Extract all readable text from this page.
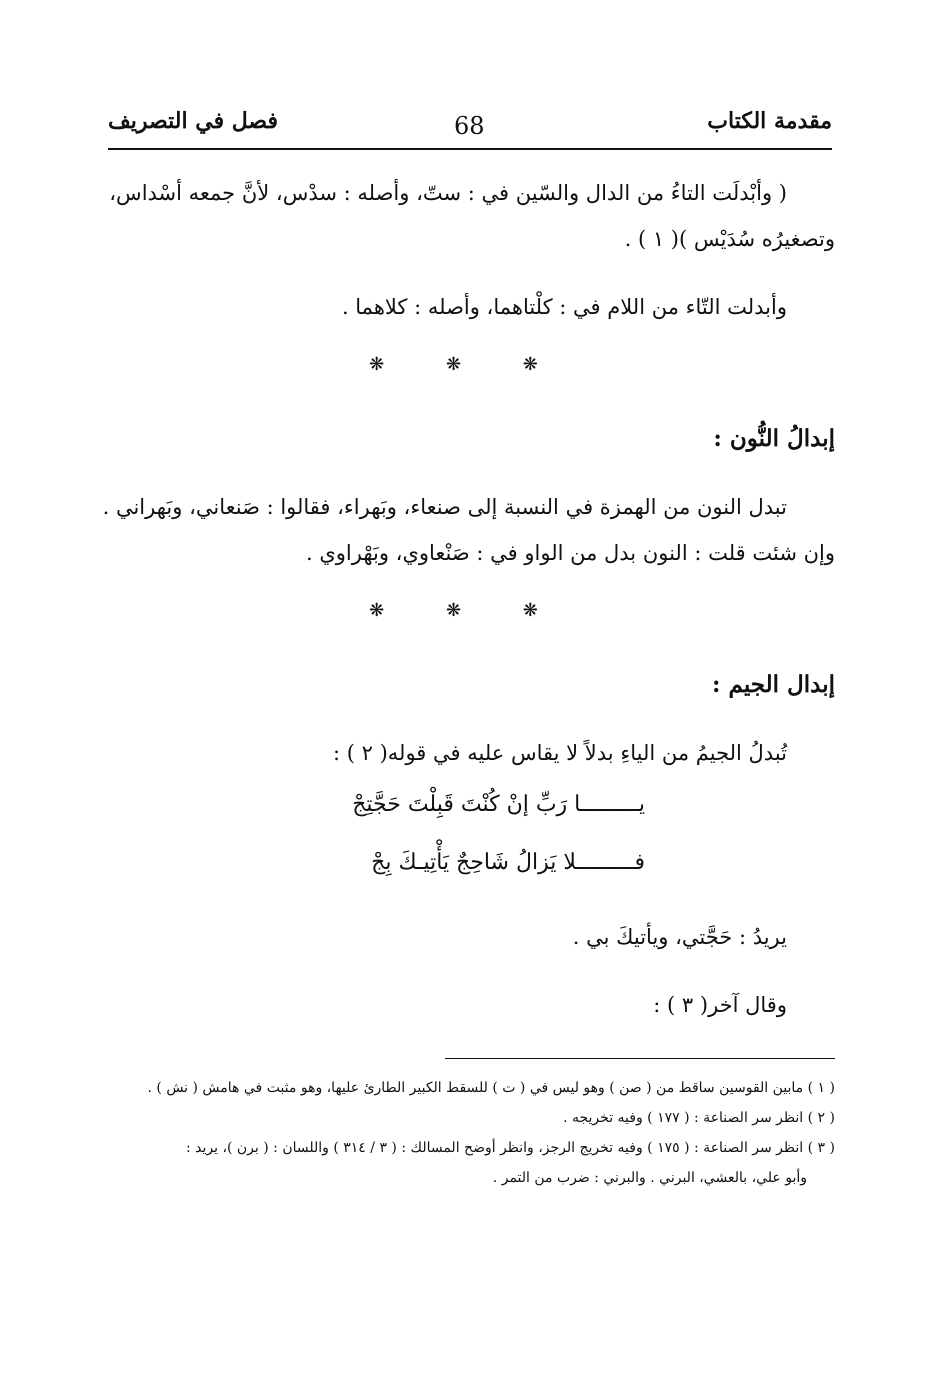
مقدمة الكتاب
68
فصل في التصريف

( وأبْدلَت التاءُ من الدال والسّين في : ستّ، وأصله : سدْس، لأنَّ جمعه أسْداس،

وتصغيرُه سُدَيْس )( ١ ) .

وأبدلت التّاء من اللام في : كلْتاهما، وأصله : كلاهما .

❋ ❋ ❋

إبدالُ النُّون :

تبدل النون من الهمزة في النسبة إلى صنعاء، وبَهراء، فقالوا : صَنعاني، وبَهراني .

وإن شئت قلت : النون بدل من الواو في : صَنْعاوي، وبَهْراوي .

❋ ❋ ❋

إبدال الجيم :

تُبدلُ الجيمُ من الياءِ بدلاً لا يقاس عليه في قوله( ٢ ) :

يـــــــــا رَبِّ إنْ كُنْتَ قَبِلْتَ حَجَّتِجْ

فـــــــــلا يَزالُ شَاحِجٌ يَأْتِيـكَ بِجْ

يريدُ : حَجَّتي، ويأتيكَ بي .

وقال آخر( ٣ ) :

( ١ ) مابين القوسين ساقط من ( صن ) وهو ليس في ( ت ) للسقط الكبير الطارئ عليها، وهو مثبت في هامش ( نش ) .

( ٢ ) انظر سر الصناعة : ( ١٧٧ ) وفيه تخريجه .

( ٣ ) انظر سر الصناعة : ( ١٧٥ ) وفيه تخريج الرجز، وانظر أوضح المسالك : ( ٣ / ٣١٤ ) واللسان : ( برن )، يريد :

وأبو علي، بالعشي، البرني . والبرني : ضرب من التمر .
